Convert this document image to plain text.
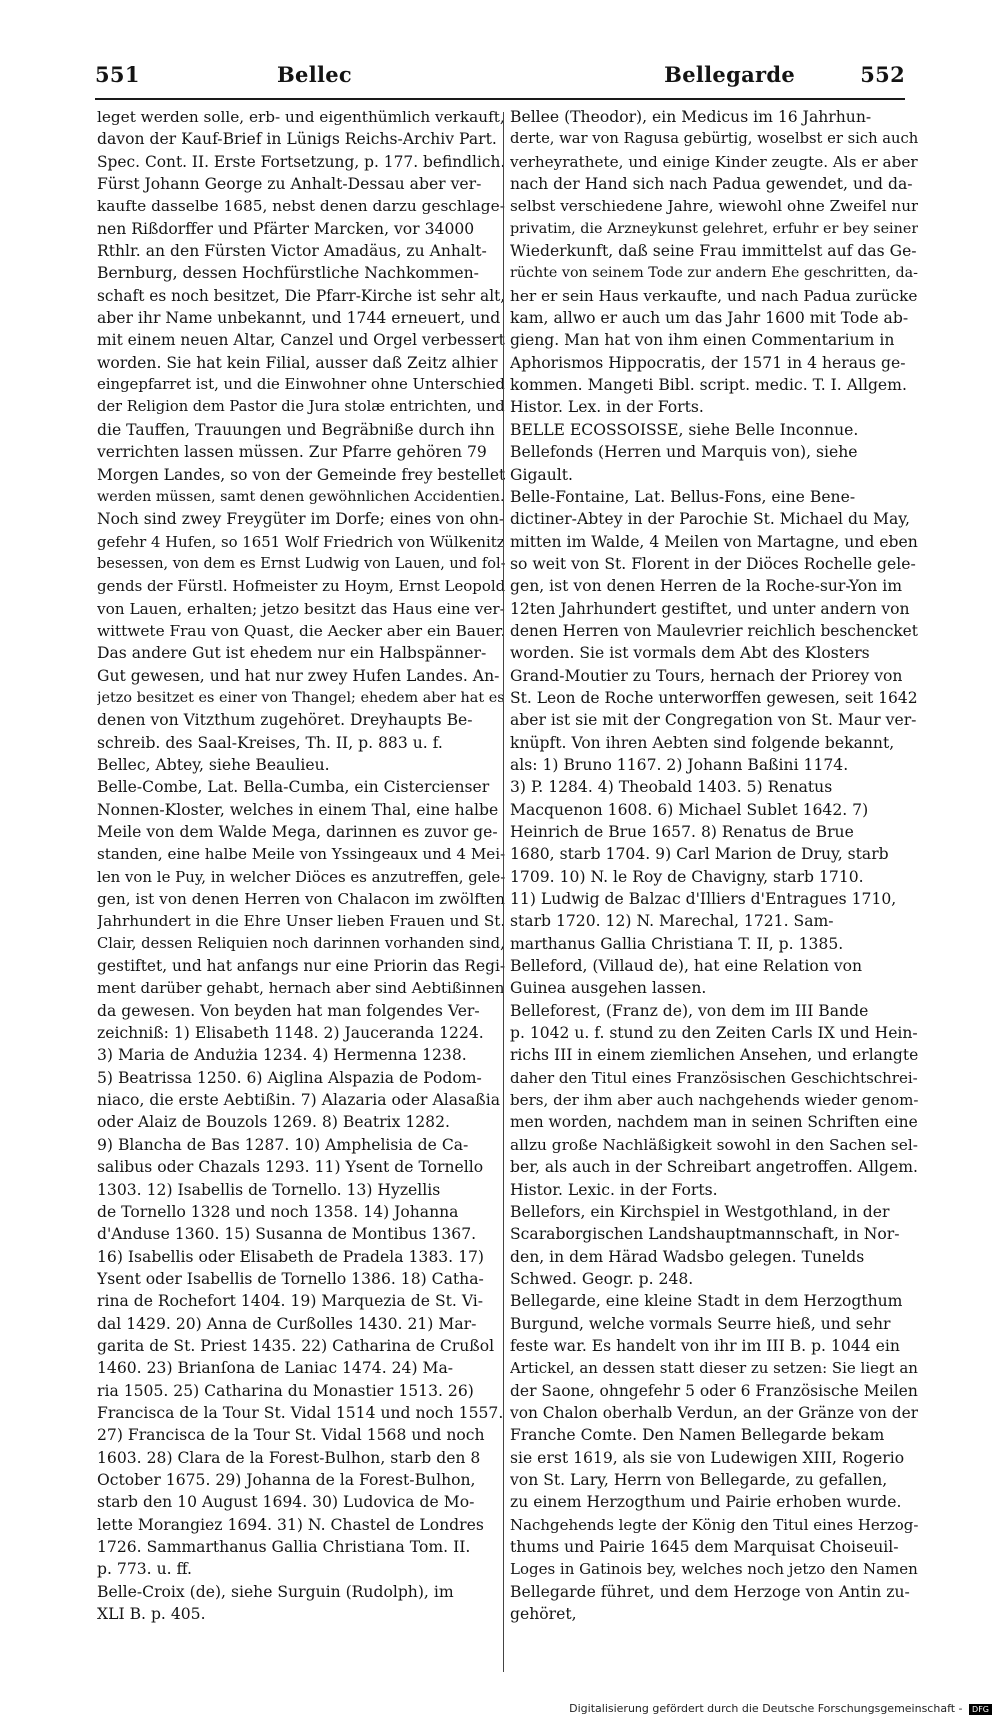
551	Bellec	Bellegarde	552
leget werden solle, erb- und eigenthümlich verkauft,
davon der Kauf-Brief in Lünigs Reichs-Archiv Part.
Spec. Cont. II. Erste Fortsetzung, p. 177. befindlich.
Fürst Johann George zu Anhalt-Dessau aber ver-
kaufte dasselbe 1685, nebst denen darzu geschlage-
nen Rißdorffer und Pfärter Marcken, vor 34000
Rthlr. an den Fürsten Victor Amadäus, zu Anhalt-
Bernburg, dessen Hochfürstliche Nachkommen-
schaft es noch besitzet, Die Pfarr-Kirche ist sehr alt,
aber ihr Name unbekannt, und 1744 erneuert, und
mit einem neuen Altar, Canzel und Orgel verbessert
worden. Sie hat kein Filial, ausser daß Zeitz alhier
eingepfarret ist, und die Einwohner ohne Unterschied
der Religion dem Pastor die Jura stolæ entrichten, und
die Tauffen, Trauungen und Begräbniße durch ihn
verrichten lassen müssen. Zur Pfarre gehören 79
Morgen Landes, so von der Gemeinde frey bestellet
werden müssen, samt denen gewöhnlichen Accidentien.
Noch sind zwey Freygüter im Dorfe; eines von ohn-
gefehr 4 Hufen, so 1651 Wolf Friedrich von Wülkenitz
besessen, von dem es Ernst Ludwig von Lauen, und fol-
gends der Fürstl. Hofmeister zu Hoym, Ernst Leopold
von Lauen, erhalten; jetzo besitzt das Haus eine ver-
wittwete Frau von Quast, die Aecker aber ein Bauer.
Das andere Gut ist ehedem nur ein Halbspänner-
Gut gewesen, und hat nur zwey Hufen Landes. An-
jetzo besitzet es einer von Thangel; ehedem aber hat es
denen von Vitzthum zugehöret. Dreyhaupts Be-
schreib. des Saal-Kreises, Th. II, p. 883 u. f.
Bellec, Abtey, siehe Beaulieu.
Belle-Combe, Lat. Bella-Cumba, ein Cistercienser
Nonnen-Kloster, welches in einem Thal, eine halbe
Meile von dem Walde Mega, darinnen es zuvor ge-
standen, eine halbe Meile von Yssingeaux und 4 Mei-
len von le Puy, in welcher Diöces es anzutreffen, gele-
gen, ist von denen Herren von Chalacon im zwölften
Jahrhundert in die Ehre Unser lieben Frauen und St.
Clair, dessen Reliquien noch darinnen vorhanden sind,
gestiftet, und hat anfangs nur eine Priorin das Regi-
ment darüber gehabt, hernach aber sind Aebtißinnen
da gewesen. Von beyden hat man folgendes Ver-
zeichniß: 1) Elisabeth 1148. 2) Jauceranda 1224.
3) Maria de Andużia 1234. 4) Hermenna 1238.
5) Beatrissa 1250. 6) Aiglina Alspazia de Podom-
niaco, die erste Aebtißin. 7) Alazaria oder Alasaßia
oder Alaiz de Bouzols 1269. 8) Beatrix 1282.
9) Blancha de Bas 1287. 10) Amphelisia de Ca-
salibus oder Chazals 1293. 11) Ysent de Tornello
1303. 12) Isabellis de Tornello. 13) Hyzellis
de Tornello 1328 und noch 1358. 14) Johanna
d'Anduse 1360. 15) Susanna de Montibus 1367.
16) Isabellis oder Elisabeth de Pradela 1383. 17)
Ysent oder Isabellis de Tornello 1386. 18) Catha-
rina de Rochefort 1404. 19) Marquezia de St. Vi-
dal 1429. 20) Anna de Curßolles 1430. 21) Mar-
garita de St. Priest 1435. 22) Catharina de Crußol
1460. 23) Brianſona de Laniac 1474. 24) Ma-
ria 1505. 25) Catharina du Monastier 1513. 26)
Francisca de la Tour St. Vidal 1514 und noch 1557.
27) Francisca de la Tour St. Vidal 1568 und noch
1603. 28) Clara de la Forest-Bulhon, starb den 8
October 1675. 29) Johanna de la Forest-Bulhon,
starb den 10 August 1694. 30) Ludovica de Mo-
lette Morangiez 1694. 31) N. Chastel de Londres
1726. Sammarthanus Gallia Christiana Tom. II.
p. 773. u. ff.
Belle-Croix (de), siehe Surguin (Rudolph), im
XLI B. p. 405.
Bellee (Theodor), ein Medicus im 16 Jahrhun-
derte, war von Ragusa gebürtig, woselbst er sich auch
verheyrathete, und einige Kinder zeugte. Als er aber
nach der Hand sich nach Padua gewendet, und da-
selbst verschiedene Jahre, wiewohl ohne Zweifel nur
privatim, die Arzneykunst gelehret, erfuhr er bey seiner
Wiederkunft, daß seine Frau immittelst auf das Ge-
rüchte von seinem Tode zur andern Ehe geschritten, da-
her er sein Haus verkaufte, und nach Padua zurücke
kam, allwo er auch um das Jahr 1600 mit Tode ab-
gieng. Man hat von ihm einen Commentarium in
Aphorismos Hippocratis, der 1571 in 4 heraus ge-
kommen. Mangeti Bibl. script. medic. T. I. Allgem.
Histor. Lex. in der Forts.
BELLE ECOSSOISSE, siehe Belle Inconnue.
Bellefonds (Herren und Marquis von), siehe
Gigault.
Belle-Fontaine, Lat. Bellus-Fons, eine Bene-
dictiner-Abtey in der Parochie St. Michael du May,
mitten im Walde, 4 Meilen von Martagne, und eben
so weit von St. Florent in der Diöces Rochelle gele-
gen, ist von denen Herren de la Roche-sur-Yon im
12ten Jahrhundert gestiftet, und unter andern von
denen Herren von Maulevrier reichlich beschencket
worden. Sie ist vormals dem Abt des Klosters
Grand-Moutier zu Tours, hernach der Priorey von
St. Leon de Roche unterworffen gewesen, seit 1642
aber ist sie mit der Congregation von St. Maur ver-
knüpft. Von ihren Aebten sind folgende bekannt,
als: 1) Bruno 1167. 2) Johann Baßini 1174.
3) P. 1284. 4) Theobald 1403. 5) Renatus
Macquenon 1608. 6) Michael Sublet 1642. 7)
Heinrich de Brue 1657. 8) Renatus de Brue
1680, starb 1704. 9) Carl Marion de Druy, starb
1709. 10) N. le Roy de Chavigny, starb 1710.
11) Ludwig de Balzac d'Illiers d'Entragues 1710,
starb 1720. 12) N. Marechal, 1721. Sam-
marthanus Gallia Christiana T. II, p. 1385.
Belleford, (Villaud de), hat eine Relation von
Guinea ausgehen lassen.
Belleforest, (Franz de), von dem im III Bande
p. 1042 u. f. stund zu den Zeiten Carls IX und Hein-
richs III in einem ziemlichen Ansehen, und erlangte
daher den Titul eines Französischen Geschichtschrei-
bers, der ihm aber auch nachgehends wieder genom-
men worden, nachdem man in seinen Schriften eine
allzu große Nachläßigkeit sowohl in den Sachen sel-
ber, als auch in der Schreibart angetroffen. Allgem.
Histor. Lexic. in der Forts.
Bellefors, ein Kirchspiel in Westgothland, in der
Scaraborgischen Landshauptmannschaft, in Nor-
den, in dem Härad Wadsbo gelegen. Tunelds
Schwed. Geogr. p. 248.
Bellegarde, eine kleine Stadt in dem Herzogthum
Burgund, welche vormals Seurre hieß, und sehr
feste war. Es handelt von ihr im III B. p. 1044 ein
Artickel, an dessen statt dieser zu setzen: Sie liegt an
der Saone, ohngefehr 5 oder 6 Französische Meilen
von Chalon oberhalb Verdun, an der Gränze von der
Franche Comte. Den Namen Bellegarde bekam
sie erst 1619, als sie von Ludewigen XIII, Rogerio
von St. Lary, Herrn von Bellegarde, zu gefallen,
zu einem Herzogthum und Pairie erhoben wurde.
Nachgehends legte der König den Titul eines Herzog-
thums und Pairie 1645 dem Marquisat Choiseuil-
Loges in Gatinois bey, welches noch jetzo den Namen
Bellegarde führet, und dem Herzoge von Antin zu-
gehöret,
Digitalisierung gefördert durch die Deutsche Forschungsgemeinschaft - DFG
